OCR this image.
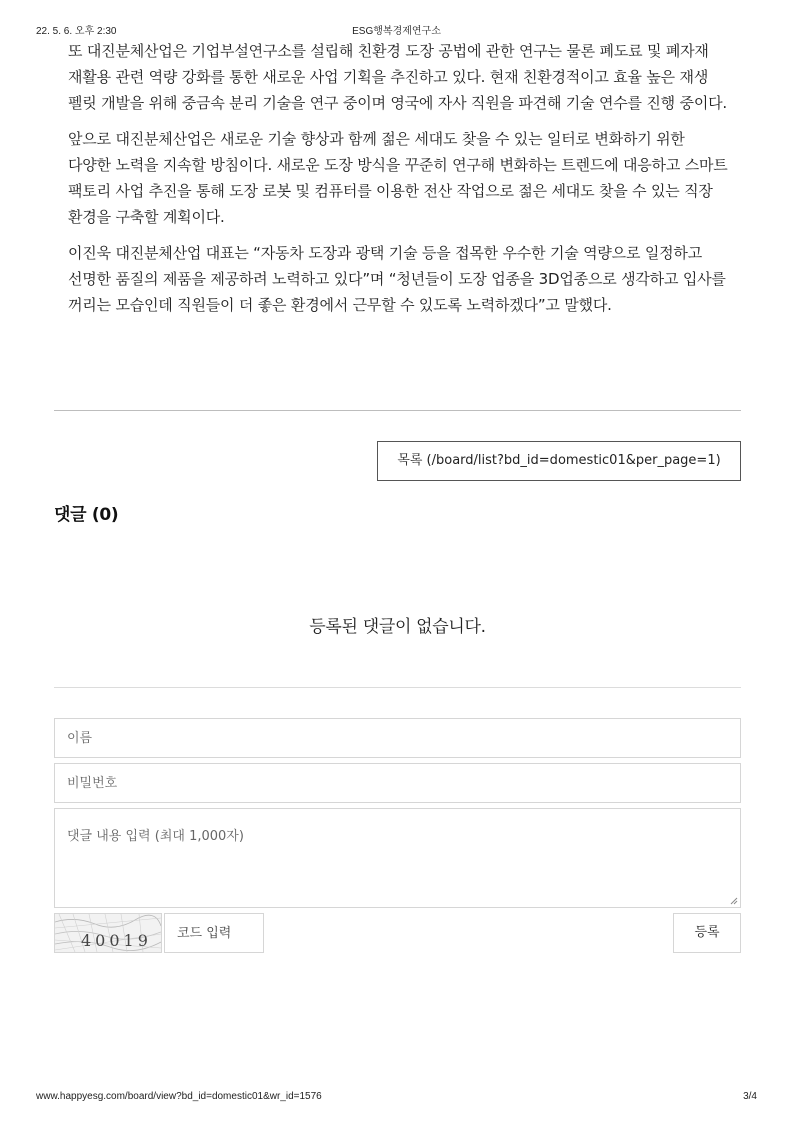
22. 5. 6. 오후 2:30	ESG행복경제연구소

또 대진분체산업은 기업부설연구소를 설립해 친환경 도장 공법에 관한 연구는 물론 폐도료 및 폐자재 재활용 관련 역량 강화를 통한 새로운 사업 기획을 추진하고 있다. 현재 친환경적이고 효율 높은 재생 펠릿 개발을 위해 중금속 분리 기술을 연구 중이며 영국에 자사 직원을 파견해 기술 연수를 진행 중이다.

앞으로 대진분체산업은 새로운 기술 향상과 함께 젊은 세대도 찾을 수 있는 일터로 변화하기 위한 다양한 노력을 지속할 방침이다. 새로운 도장 방식을 꾸준히 연구해 변화하는 트렌드에 대응하고 스마트 팩토리 사업 추진을 통해 도장 로봇 및 컴퓨터를 이용한 전산 작업으로 젊은 세대도 찾을 수 있는 직장 환경을 구축할 계획이다.

이진욱 대진분체산업 대표는 “자동차 도장과 광택 기술 등을 접목한 우수한 기술 역량으로 일정하고 선명한 품질의 제품을 제공하려 노력하고 있다”며 “청년들이 도장 업종을 3D업종으로 생각하고 입사를 꺼리는 모습인데 직원들이 더 좋은 환경에서 근무할 수 있도록 노력하겠다”고 말했다.

목록 (/board/list?bd_id=domestic01&per_page=1)
댓글 (0)
등록된 댓글이 없습니다.
이름
댓글 내용 입력 (최대 1,000자)
40019
코드 입력	등록
www.happyesg.com/board/view?bd_id=domestic01&wr_id=1576	3/4
